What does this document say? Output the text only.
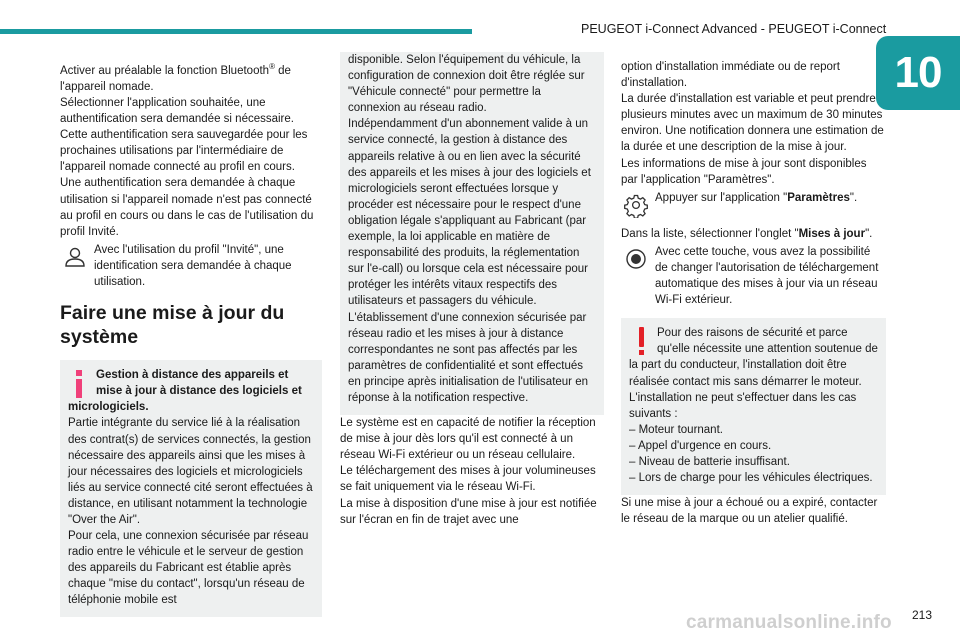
PEUGEOT i-Connect Advanced - PEUGEOT i-Connect
10

Activer au préalable la fonction Bluetooth® de l'appareil nomade.

Sélectionner l'application souhaitée, une authentification sera demandée si nécessaire.

Cette authentification sera sauvegardée pour les prochaines utilisations par l'intermédiaire de l'appareil nomade connecté au profil en cours.

Une authentification sera demandée à chaque utilisation si l'appareil nomade n'est pas connecté au profil en cours ou dans le cas de l'utilisation du profil Invité.

Avec l'utilisation du profil "Invité", une identification sera demandée à chaque utilisation.

Faire une mise à jour du système

Gestion à distance des appareils et mise à jour à distance des logiciels et micrologiciels.

Partie intégrante du service lié à la réalisation des contrat(s) de services connectés, la gestion nécessaire des appareils ainsi que les mises à jour nécessaires des logiciels et micrologiciels liés au service connecté cité seront effectuées à distance, en utilisant notamment la technologie "Over the Air".

Pour cela, une connexion sécurisée par réseau radio entre le véhicule et le serveur de gestion des appareils du Fabricant est établie après chaque "mise du contact", lorsqu'un réseau de téléphonie mobile est

disponible. Selon l'équipement du véhicule, la configuration de connexion doit être réglée sur "Véhicule connecté" pour permettre la connexion au réseau radio.

Indépendamment d'un abonnement valide à un service connecté, la gestion à distance des appareils relative à ou en lien avec la sécurité des appareils et les mises à jour des logiciels et micrologiciels seront effectuées lorsque y procéder est nécessaire pour le respect d'une obligation légale s'appliquant au Fabricant (par exemple, la loi applicable en matière de responsabilité des produits, la réglementation sur l'e-call) ou lorsque cela est nécessaire pour protéger les intérêts vitaux respectifs des utilisateurs et passagers du véhicule.

L'établissement d'une connexion sécurisée par réseau radio et les mises à jour à distance correspondantes ne sont pas affectés par les paramètres de confidentialité et sont effectués en principe après initialisation de l'utilisateur en réponse à la notification respective.

Le système est en capacité de notifier la réception de mise à jour dès lors qu'il est connecté à un réseau Wi-Fi extérieur ou un réseau cellulaire.

Le téléchargement des mises à jour volumineuses se fait uniquement via le réseau Wi-Fi.

La mise à disposition d'une mise à jour est notifiée sur l'écran en fin de trajet avec une

option d'installation immédiate ou de report d'installation.

La durée d'installation est variable et peut prendre plusieurs minutes avec un maximum de 30 minutes environ. Une notification donnera une estimation de la durée et une description de la mise à jour.

Les informations de mise à jour sont disponibles par l'application "Paramètres".

Appuyer sur l'application "Paramètres".

Dans la liste, sélectionner l'onglet "Mises à jour".

Avec cette touche, vous avez la possibilité de changer l'autorisation de téléchargement automatique des mises à jour via un réseau Wi-Fi extérieur.

Pour des raisons de sécurité et parce qu'elle nécessite une attention soutenue de la part du conducteur, l'installation doit être réalisée contact mis sans démarrer le moteur.

L'installation ne peut s'effectuer dans les cas suivants :

– Moteur tournant.
– Appel d'urgence en cours.
– Niveau de batterie insuffisant.
– Lors de charge pour les véhicules électriques.

Si une mise à jour a échoué ou a expiré, contacter le réseau de la marque ou un atelier qualifié.

carmanualsonline.info 213
